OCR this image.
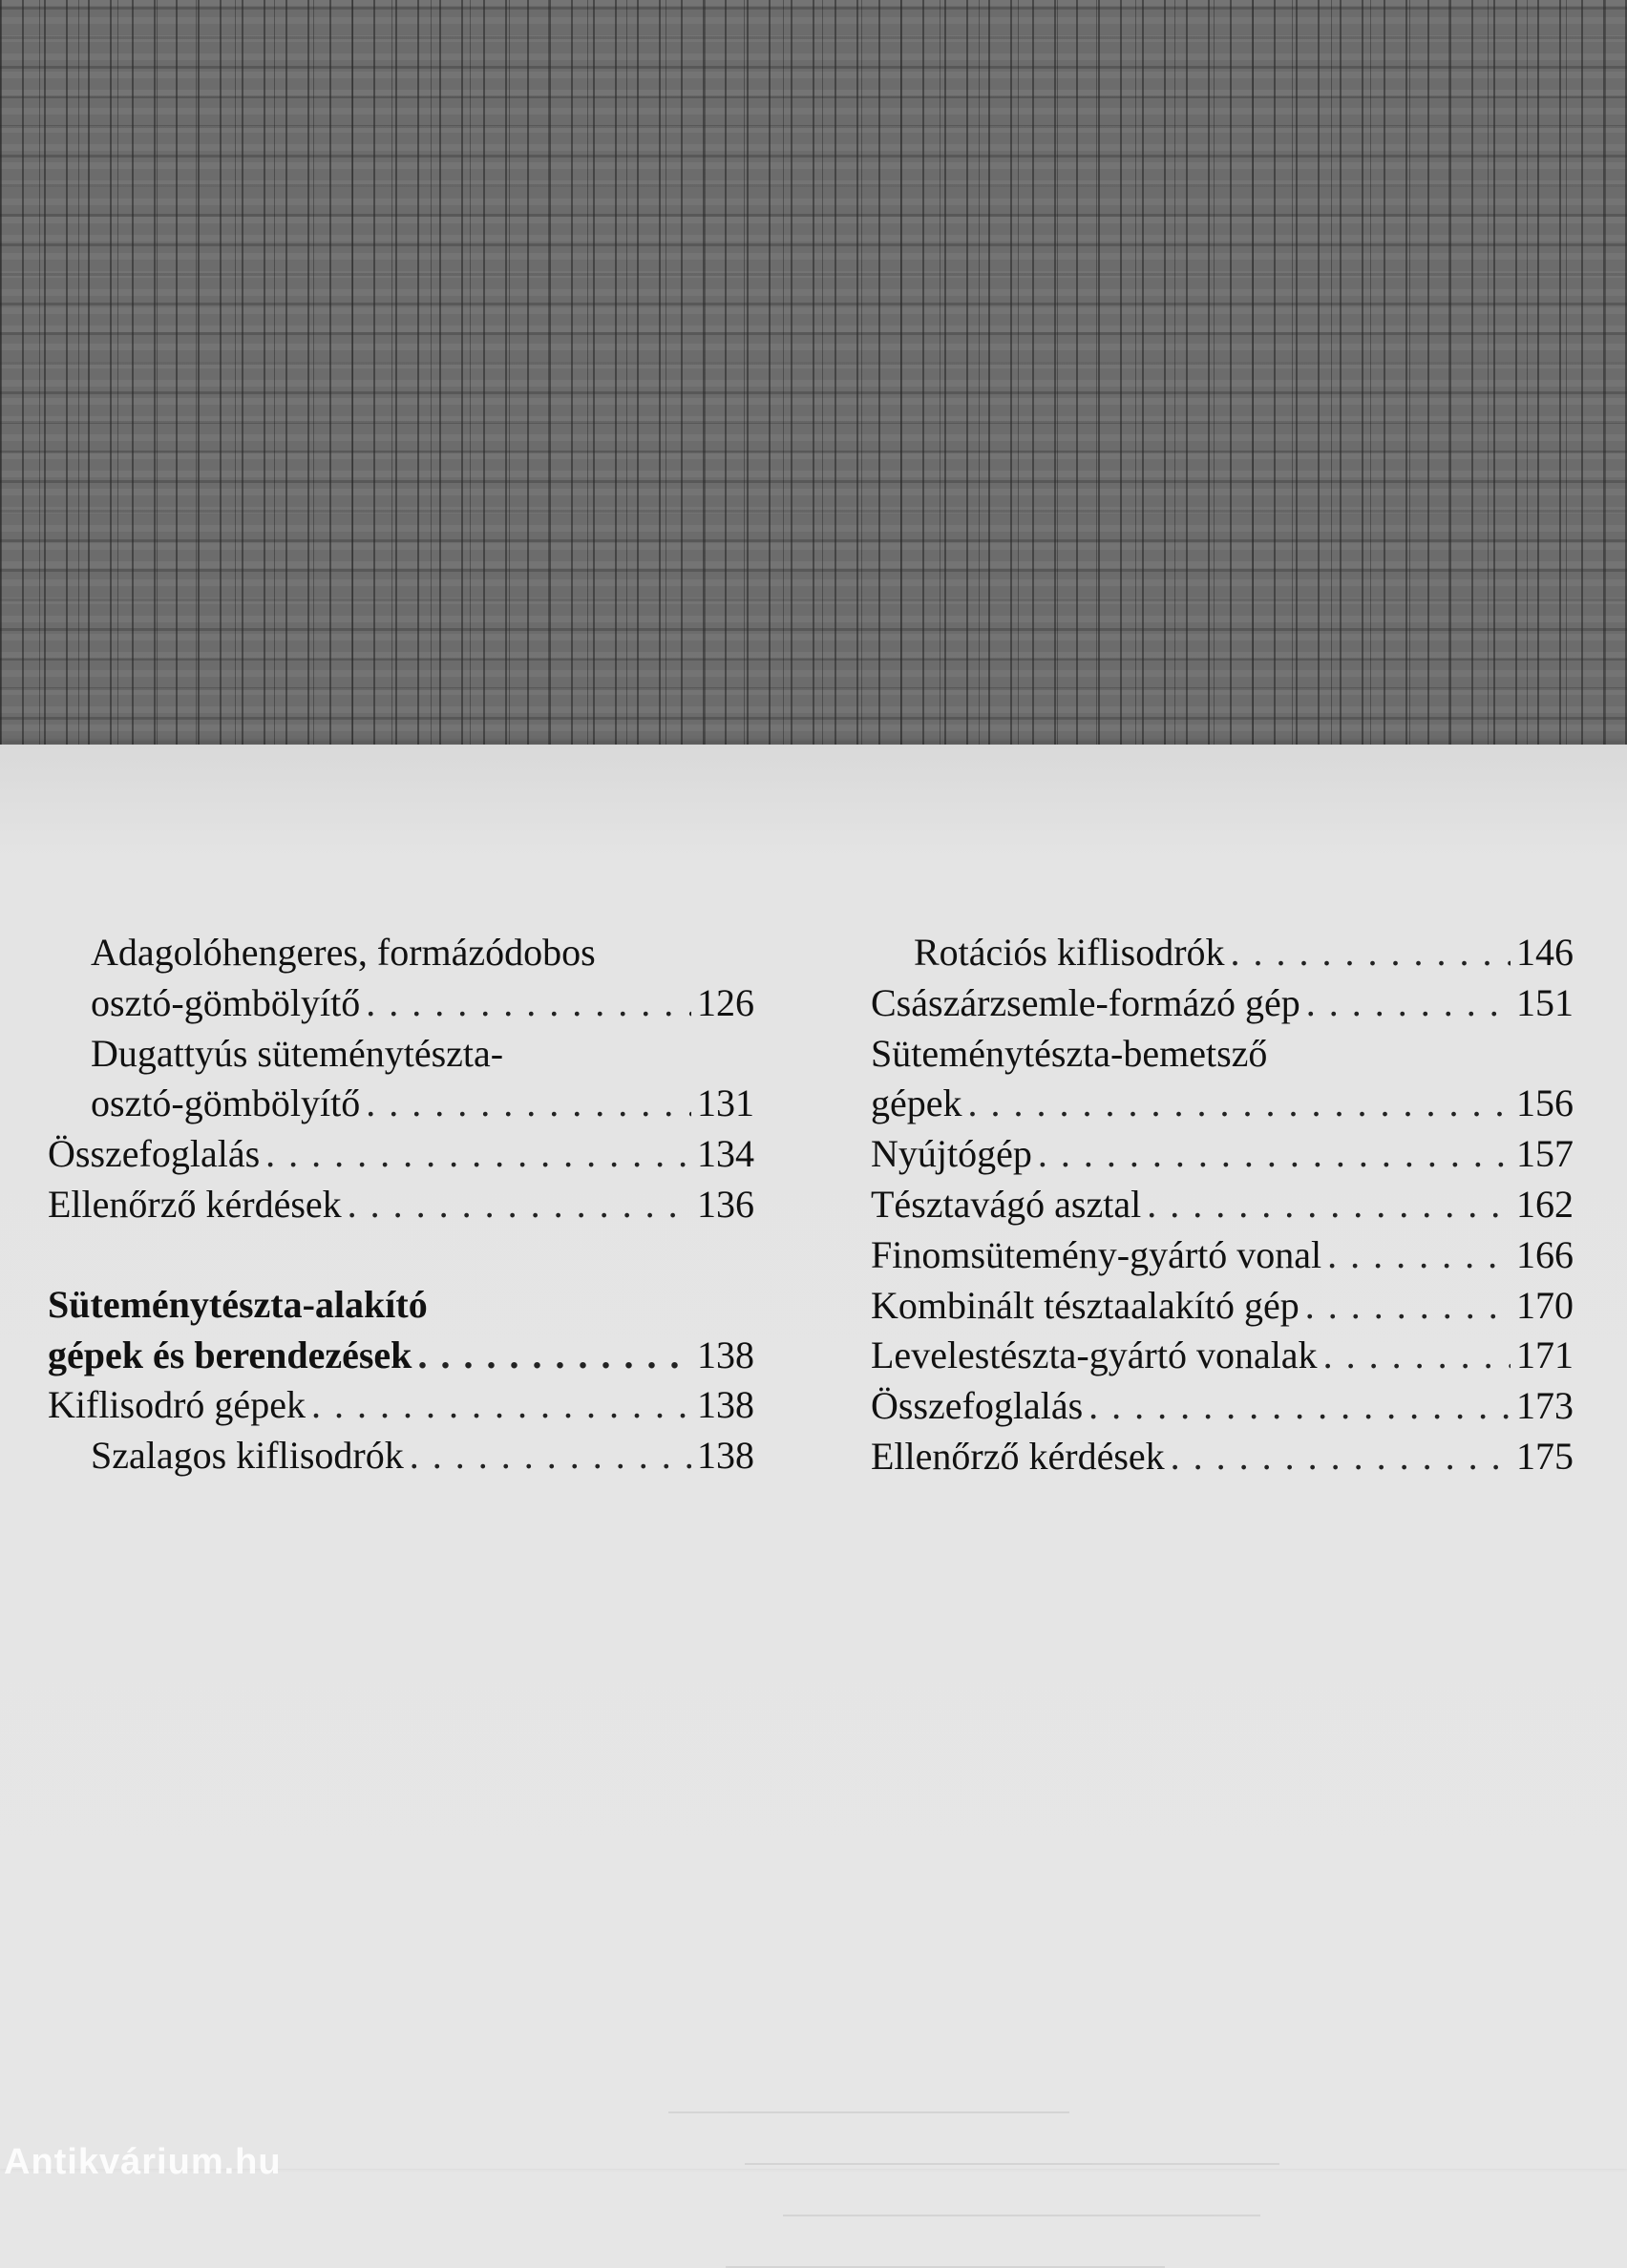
Adagolóhengeres, formázódobos
osztó-gömbölyítő . . .	126
Dugattyús süteménytészta-
osztó-gömbölyítő . . .	131
Összefoglalás . . .	134
Ellenőrző kérdések . . .	136
Süteménytészta-alakító
gépek és berendezések . . .	138
Kiflisodró gépek . . .	138
Szalagos kiflisodrók . . .	138
Rotációs kiflisodrók . . .	146
Császárzsemle-formázó gép . . .	151
Süteménytészta-bemetsző
gépek . . .	156
Nyújtógép . . .	157
Tésztavágó asztal . . .	162
Finomsütemény-gyártó vonal . . .	166
Kombinált tésztaalakító gép . . .	170
Levelestészta-gyártó vonalak . . .	171
Összefoglalás . . .	173
Ellenőrző kérdések . . .	175
Antikvárium.hu
